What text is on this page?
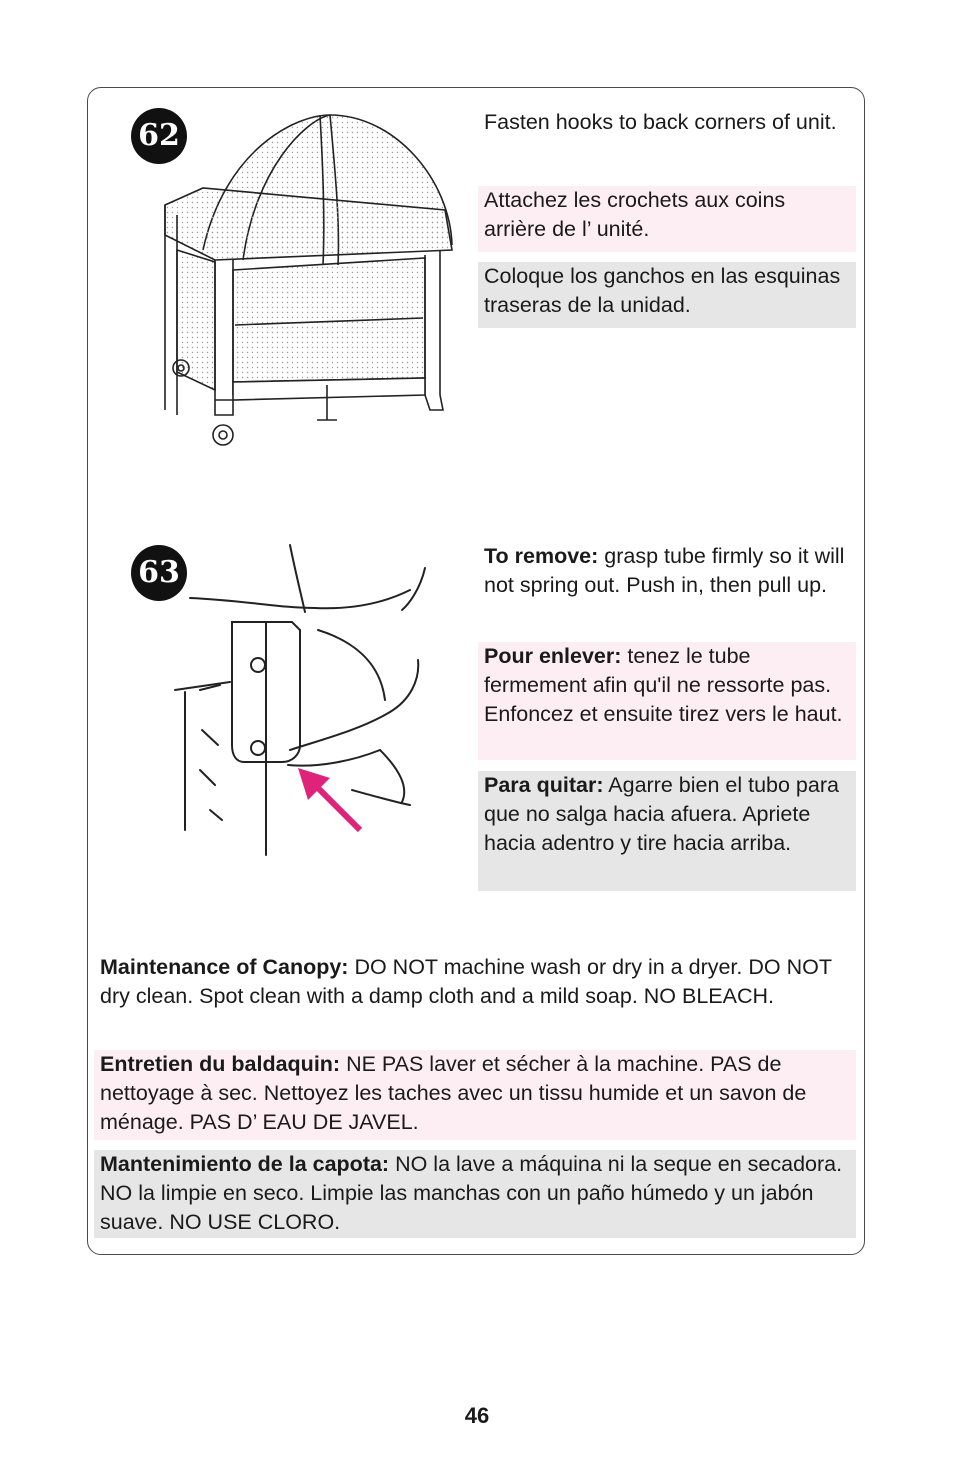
62	Fasten hooks to back corners of unit.
Attachez les crochets aux coins arrière de l’ unité.
Coloque los ganchos en las esquinas traseras de la unidad.
63	To remove: grasp tube firmly so it will not spring out. Push in, then pull up.
Pour enlever: tenez le tube fermement afin qu'il ne ressorte pas. Enfoncez et ensuite tirez vers le haut.
Para quitar: Agarre bien el tubo para que no salga hacia afuera. Apriete hacia adentro y tire hacia arriba.
Maintenance of Canopy: DO NOT machine wash or dry in a dryer. DO NOT dry clean. Spot clean with a damp cloth and a mild soap. NO BLEACH.
Entretien du baldaquin: NE PAS laver et sécher à la machine. PAS de nettoyage à sec. Nettoyez les taches avec un tissu humide et un savon de ménage. PAS D’ EAU DE JAVEL.
Mantenimiento de la capota: NO la lave a máquina ni la seque en secadora. NO la limpie en seco. Limpie las manchas con un paño húmedo y un jabón suave. NO USE CLORO.
46
